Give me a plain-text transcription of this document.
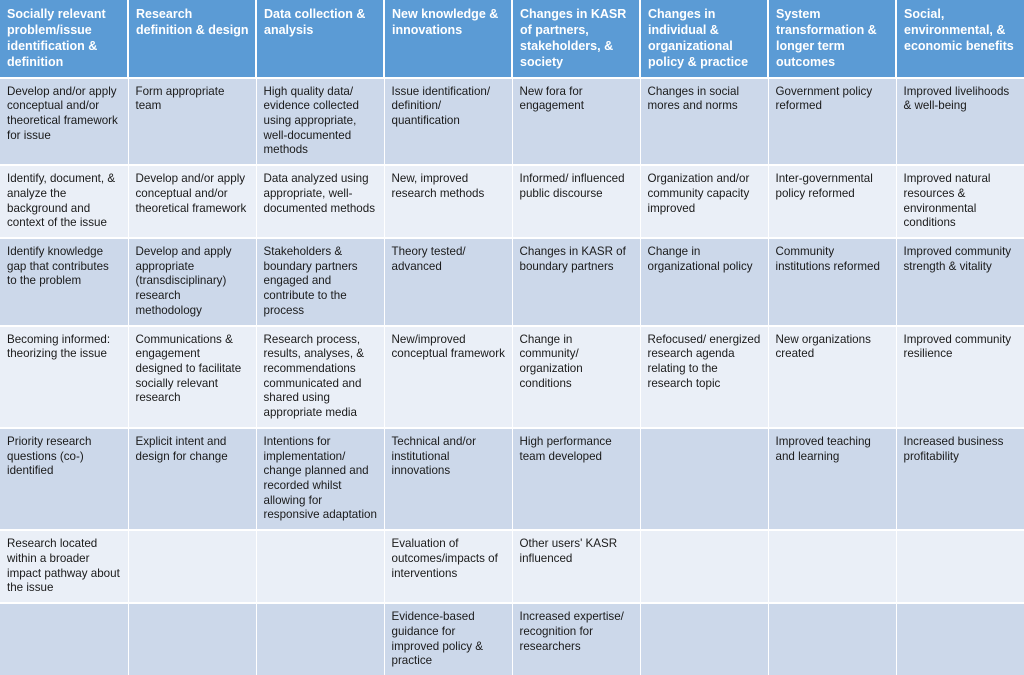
Socially relevant problem/issue identification & definition	Research definition & design	Data collection & analysis	New knowledge & innovations	Changes in KASR of partners, stakeholders, & society	Changes in individual & organizational policy & practice	System transformation & longer term outcomes	Social, environmental, & economic benefits
Develop and/or apply conceptual and/or theoretical framework for issue	Form appropriate team	High quality data/ evidence collected using appropriate, well-documented methods	Issue identification/ definition/ quantification	New fora for engagement	Changes in social mores and norms	Government policy reformed	Improved livelihoods & well-being
Identify, document, & analyze the background and context of the issue	Develop and/or apply conceptual and/or theoretical framework	Data analyzed using appropriate, well-documented methods	New, improved research methods	Informed/ influenced public discourse	Organization and/or community capacity improved	Inter-governmental policy reformed	Improved natural resources & environmental conditions
Identify knowledge gap that contributes to the problem	Develop and apply appropriate (transdisciplinary) research methodology	Stakeholders & boundary partners engaged and contribute to the process	Theory tested/ advanced	Changes in KASR of boundary partners	Change in organizational policy	Community institutions reformed	Improved community strength & vitality
Becoming informed: theorizing the issue	Communications & engagement designed to facilitate socially relevant research	Research process, results, analyses, & recommendations communicated and shared using appropriate media	New/improved conceptual framework	Change in community/ organization conditions	Refocused/ energized research agenda relating to the research topic	New organizations created	Improved community resilience
Priority research questions (co-) identified	Explicit intent and design for change	Intentions for implementation/ change planned and recorded whilst allowing for responsive adaptation	Technical and/or institutional innovations	High performance team developed		Improved teaching and learning	Increased business profitability
Research located within a broader impact pathway about the issue			Evaluation of outcomes/impacts of interventions	Other users' KASR influenced			
			Evidence-based guidance for improved policy & practice	Increased expertise/ recognition for researchers			
